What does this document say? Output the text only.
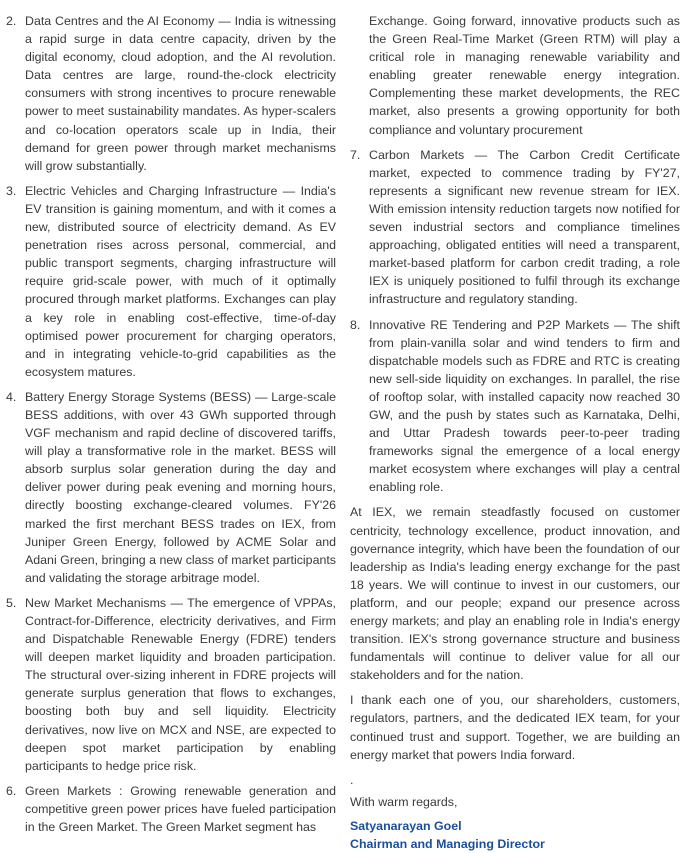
2. Data Centres and the AI Economy — India is witnessing a rapid surge in data centre capacity, driven by the digital economy, cloud adoption, and the AI revolution. Data centres are large, round-the-clock electricity consumers with strong incentives to procure renewable power to meet sustainability mandates. As hyper-scalers and co-location operators scale up in India, their demand for green power through market mechanisms will grow substantially.
3. Electric Vehicles and Charging Infrastructure — India's EV transition is gaining momentum, and with it comes a new, distributed source of electricity demand. As EV penetration rises across personal, commercial, and public transport segments, charging infrastructure will require grid-scale power, with much of it optimally procured through market platforms. Exchanges can play a key role in enabling cost-effective, time-of-day optimised power procurement for charging operators, and in integrating vehicle-to-grid capabilities as the ecosystem matures.
4. Battery Energy Storage Systems (BESS) — Large-scale BESS additions, with over 43 GWh supported through VGF mechanism and rapid decline of discovered tariffs, will play a transformative role in the market. BESS will absorb surplus solar generation during the day and deliver power during peak evening and morning hours, directly boosting exchange-cleared volumes. FY'26 marked the first merchant BESS trades on IEX, from Juniper Green Energy, followed by ACME Solar and Adani Green, bringing a new class of market participants and validating the storage arbitrage model.
5. New Market Mechanisms — The emergence of VPPAs, Contract-for-Difference, electricity derivatives, and Firm and Dispatchable Renewable Energy (FDRE) tenders will deepen market liquidity and broaden participation. The structural over-sizing inherent in FDRE projects will generate surplus generation that flows to exchanges, boosting both buy and sell liquidity. Electricity derivatives, now live on MCX and NSE, are expected to deepen spot market participation by enabling participants to hedge price risk.
6. Green Markets : Growing renewable generation and competitive green power prices have fueled participation in the Green Market. The Green Market segment has
Exchange. Going forward, innovative products such as the Green Real-Time Market (Green RTM) will play a critical role in managing renewable variability and enabling greater renewable energy integration. Complementing these market developments, the REC market, also presents a growing opportunity for both compliance and voluntary procurement
7. Carbon Markets — The Carbon Credit Certificate market, expected to commence trading by FY'27, represents a significant new revenue stream for IEX. With emission intensity reduction targets now notified for seven industrial sectors and compliance timelines approaching, obligated entities will need a transparent, market-based platform for carbon credit trading, a role IEX is uniquely positioned to fulfil through its exchange infrastructure and regulatory standing.
8. Innovative RE Tendering and P2P Markets — The shift from plain-vanilla solar and wind tenders to firm and dispatchable models such as FDRE and RTC is creating new sell-side liquidity on exchanges. In parallel, the rise of rooftop solar, with installed capacity now reached 30 GW, and the push by states such as Karnataka, Delhi, and Uttar Pradesh towards peer-to-peer trading frameworks signal the emergence of a local energy market ecosystem where exchanges will play a central enabling role.

At IEX, we remain steadfastly focused on customer centricity, technology excellence, product innovation, and governance integrity, which have been the foundation of our leadership as India's leading energy exchange for the past 18 years. We will continue to invest in our customers, our platform, and our people; expand our presence across energy markets; and play an enabling role in India's energy transition. IEX's strong governance structure and business fundamentals will continue to deliver value for all our stakeholders and for the nation.

I thank each one of you, our shareholders, customers, regulators, partners, and the dedicated IEX team, for your continued trust and support. Together, we are building an energy market that powers India forward.

.

With warm regards,

Satyanarayan Goel

Chairman and Managing Director
